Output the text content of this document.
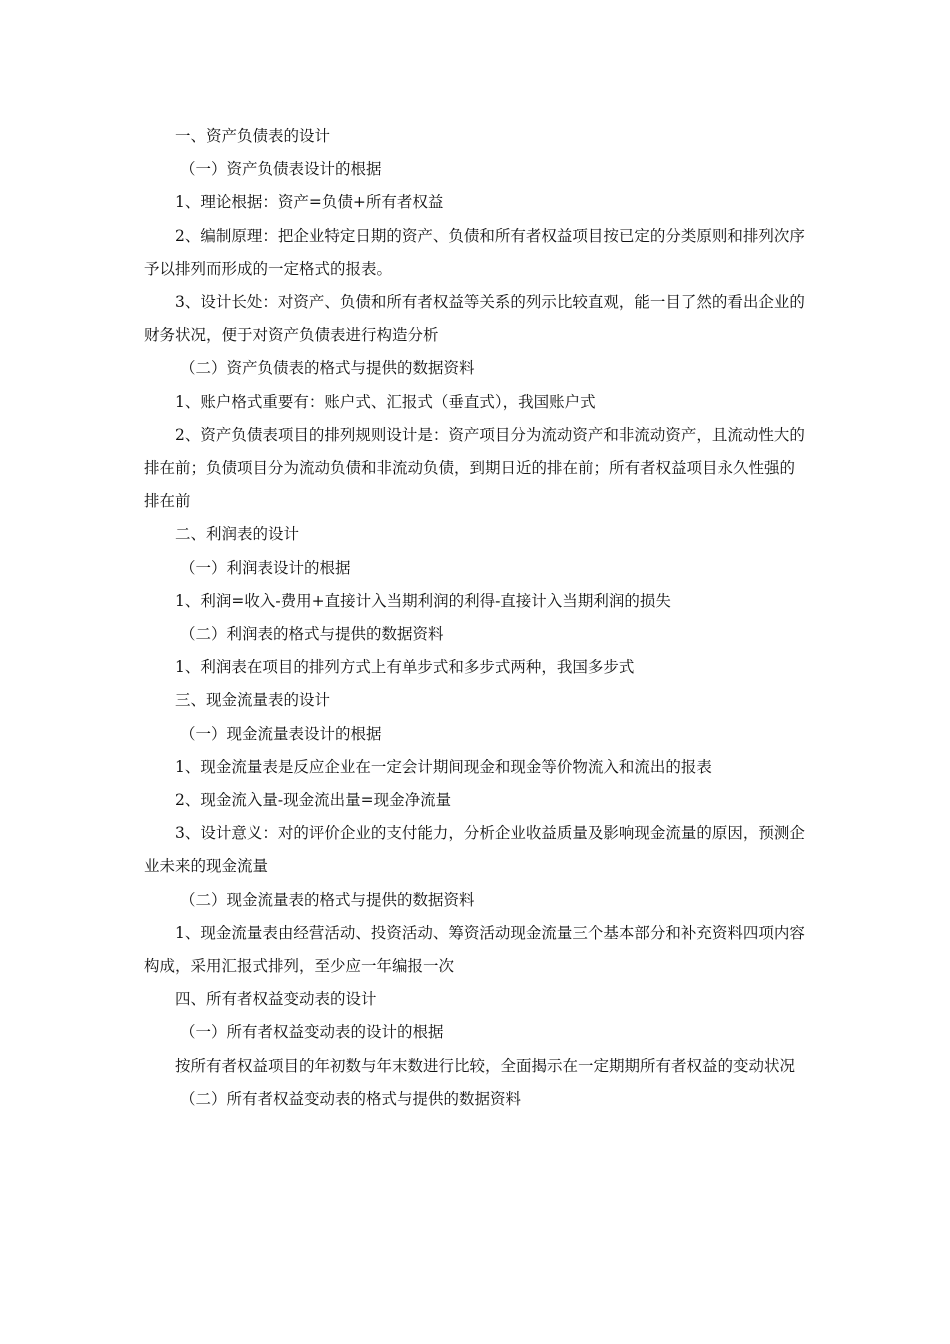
一、资产负债表的设计

（一）资产负债表设计的根据

1、理论根据：资产=负债+所有者权益

2、编制原理：把企业特定日期的资产、负债和所有者权益项目按已定的分类原则和排列次序予以排列而形成的一定格式的报表。

3、设计长处：对资产、负债和所有者权益等关系的列示比较直观，能一目了然的看出企业的财务状况，便于对资产负债表进行构造分析

（二）资产负债表的格式与提供的数据资料

1、账户格式重要有：账户式、汇报式（垂直式），我国账户式

2、资产负债表项目的排列规则设计是：资产项目分为流动资产和非流动资产，且流动性大的排在前；负债项目分为流动负债和非流动负债，到期日近的排在前；所有者权益项目永久性强的排在前

二、利润表的设计

（一）利润表设计的根据

1、利润=收入-费用+直接计入当期利润的利得-直接计入当期利润的损失

（二）利润表的格式与提供的数据资料

1、利润表在项目的排列方式上有单步式和多步式两种，我国多步式

三、现金流量表的设计

（一）现金流量表设计的根据

1、现金流量表是反应企业在一定会计期间现金和现金等价物流入和流出的报表

2、现金流入量-现金流出量=现金净流量

3、设计意义：对的评价企业的支付能力，分析企业收益质量及影响现金流量的原因，预测企业未来的现金流量

（二）现金流量表的格式与提供的数据资料

1、现金流量表由经营活动、投资活动、筹资活动现金流量三个基本部分和补充资料四项内容构成，采用汇报式排列，至少应一年编报一次

四、所有者权益变动表的设计

（一）所有者权益变动表的设计的根据

按所有者权益项目的年初数与年末数进行比较，全面揭示在一定期期所有者权益的变动状况

（二）所有者权益变动表的格式与提供的数据资料
